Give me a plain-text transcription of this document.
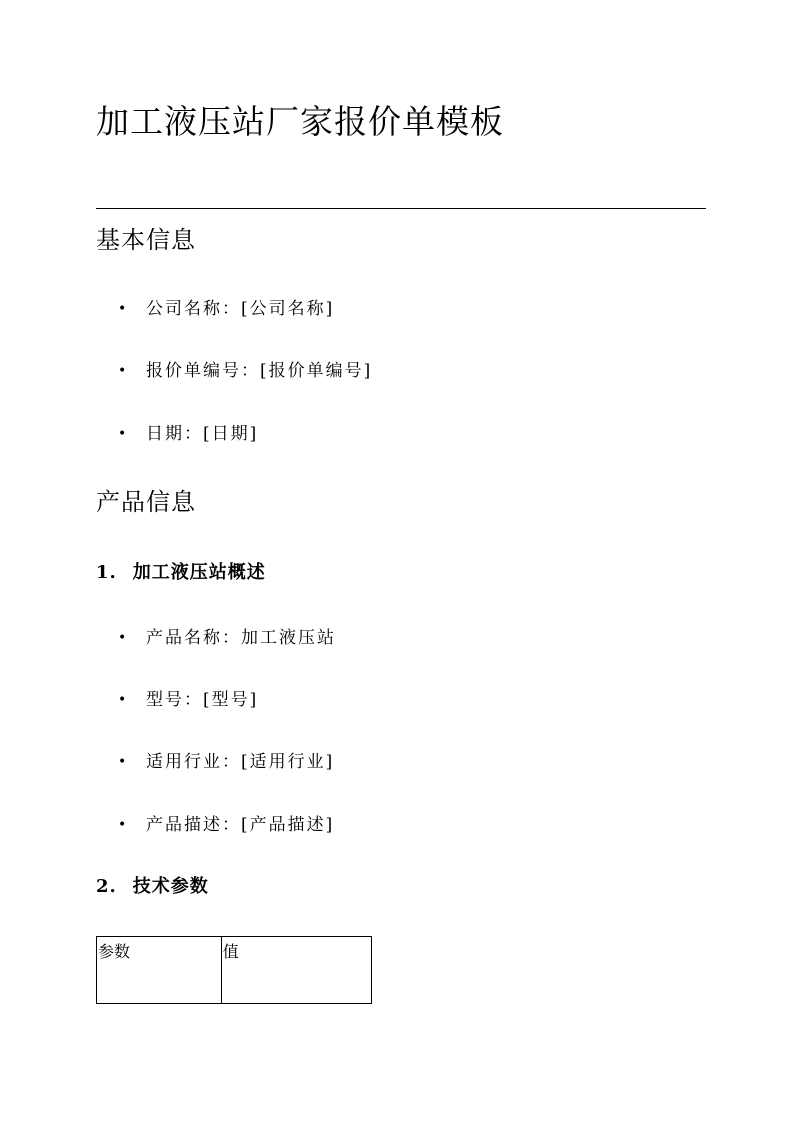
加工液压站厂家报价单模板
基本信息
• 公司名称：[公司名称]
• 报价单编号：[报价单编号]
• 日期：[日期]
产品信息
1. 加工液压站概述
• 产品名称：加工液压站
• 型号：[型号]
• 适用行业：[适用行业]
• 产品描述：[产品描述]
2. 技术参数
参数	值
